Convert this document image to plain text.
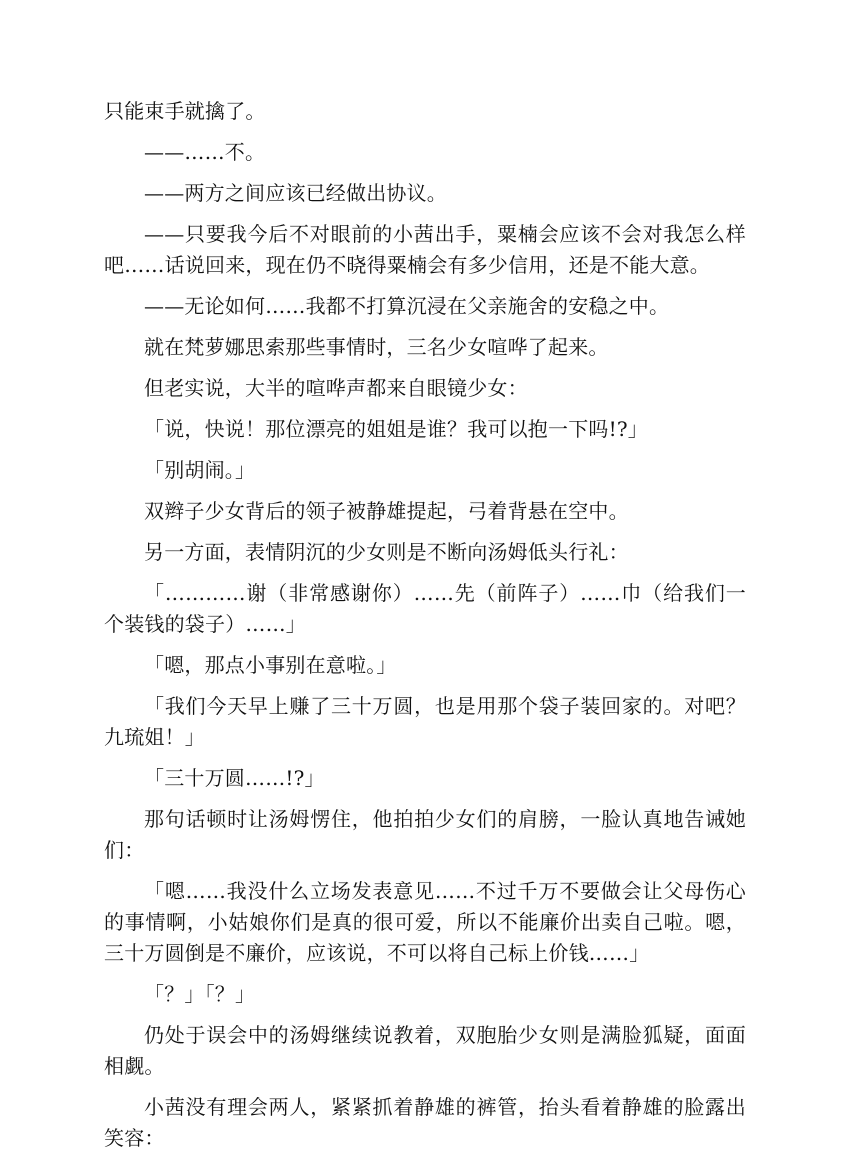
只能束手就擒了。

——……不。

——两方之间应该已经做出协议。

——只要我今后不对眼前的小茜出手，粟楠会应该不会对我怎么样吧……话说回来，现在仍不晓得粟楠会有多少信用，还是不能大意。

——无论如何……我都不打算沉浸在父亲施舍的安稳之中。

就在梵萝娜思索那些事情时，三名少女喧哗了起来。

但老实说，大半的喧哗声都来自眼镜少女：

「说，快说！那位漂亮的姐姐是谁？我可以抱一下吗!?」

「别胡闹。」

双辫子少女背后的领子被静雄提起，弓着背悬在空中。

另一方面，表情阴沉的少女则是不断向汤姆低头行礼：

「…………谢（非常感谢你）……先（前阵子）……巾（给我们一个装钱的袋子）……」

「嗯，那点小事别在意啦。」

「我们今天早上赚了三十万圆，也是用那个袋子装回家的。对吧？九琉姐！」

「三十万圆……!?」

那句话顿时让汤姆愣住，他拍拍少女们的肩膀，一脸认真地告诫她们：

「嗯……我没什么立场发表意见……不过千万不要做会让父母伤心的事情啊，小姑娘你们是真的很可爱，所以不能廉价出卖自己啦。嗯，三十万圆倒是不廉价，应该说，不可以将自己标上价钱……」

「？」「？」

仍处于误会中的汤姆继续说教着，双胞胎少女则是满脸狐疑，面面相觑。

小茜没有理会两人，紧紧抓着静雄的裤管，抬头看着静雄的脸露出笑容：
